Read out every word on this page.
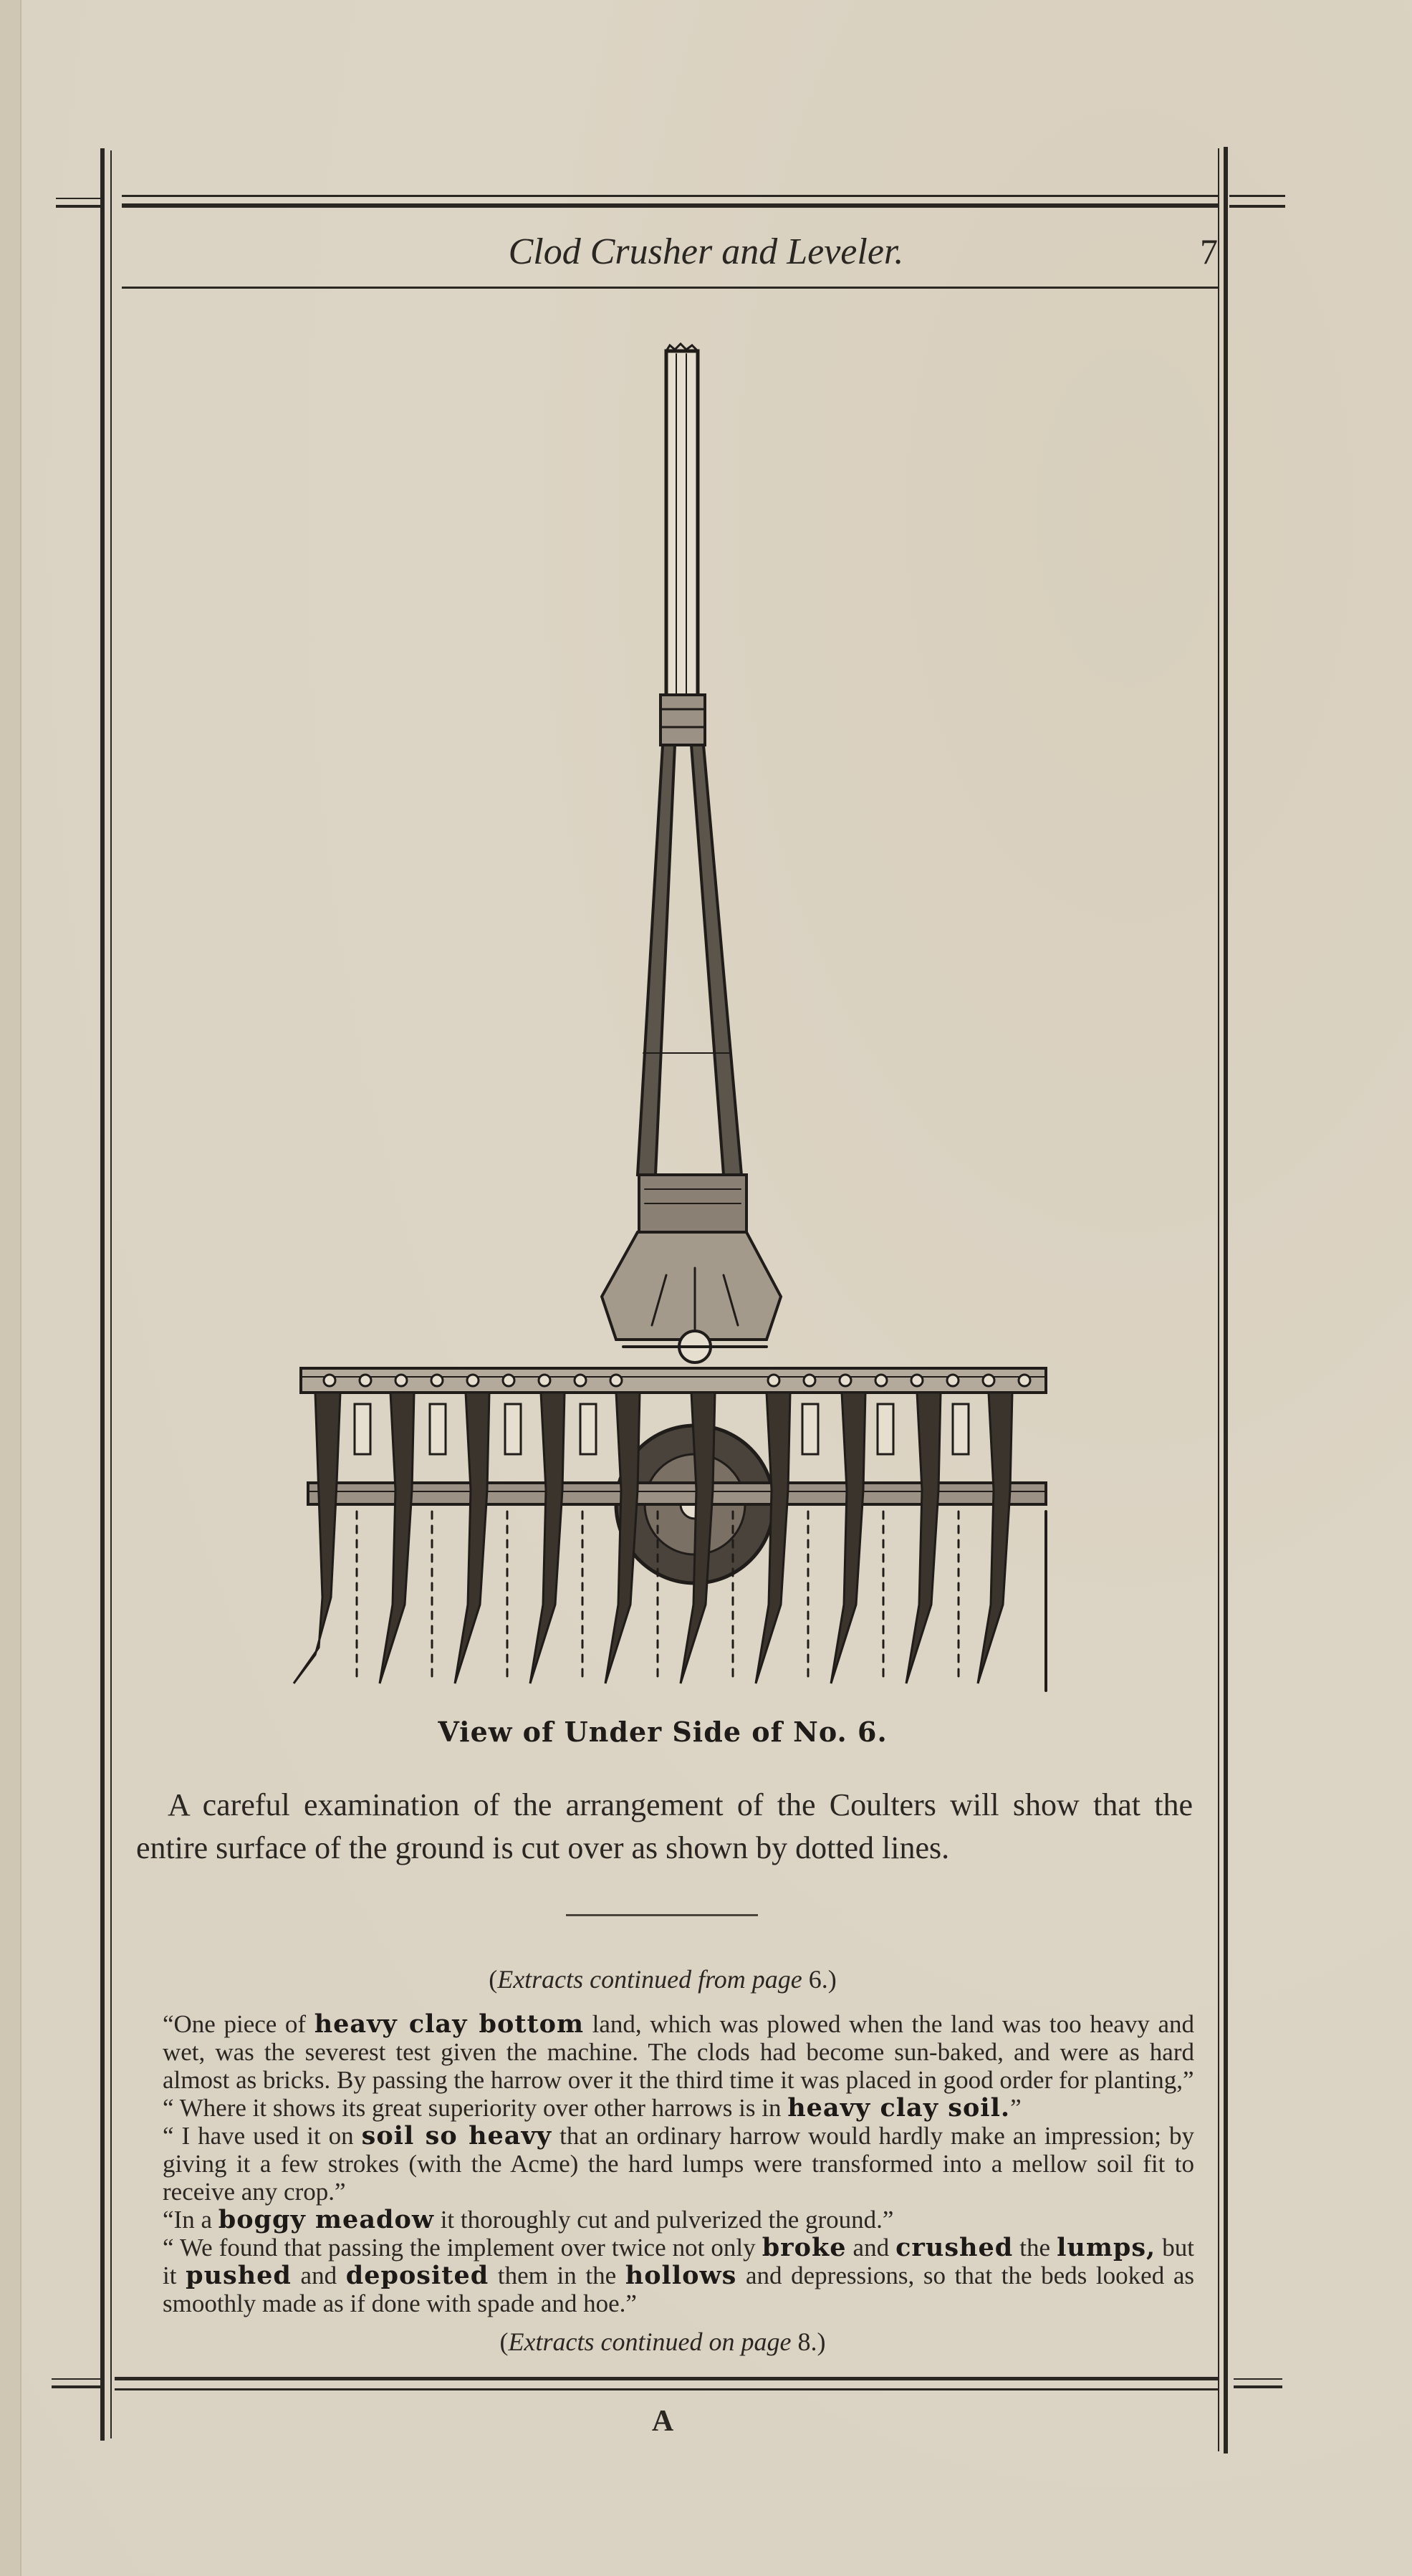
Clod Crusher and Leveler.	7
View of Under Side of No. 6.
A careful examination of the arrangement of the Coulters will show that the entire surface of the ground is cut over as shown by dotted lines.
(Extracts continued from page 6.)

“One piece of heavy clay bottom land, which was plowed when the land was too heavy and wet, was the severest test given the machine. The clods had become sun-baked, and were as hard almost as bricks. By passing the harrow over it the third time it was placed in good order for planting,”

“ Where it shows its great superiority over other harrows is in heavy clay soil.”

“ I have used it on soil so heavy that an ordinary harrow would hardly make an impression; by giving it a few strokes (with the Acme) the hard lumps were transformed into a mellow soil fit to receive any crop.”

“In a boggy meadow it thoroughly cut and pulverized the ground.”

“ We found that passing the implement over twice not only broke and crushed the lumps, but it pushed and deposited them in the hollows and depressions, so that the beds looked as smoothly made as if done with spade and hoe.”

(Extracts continued on page 8.)
A
